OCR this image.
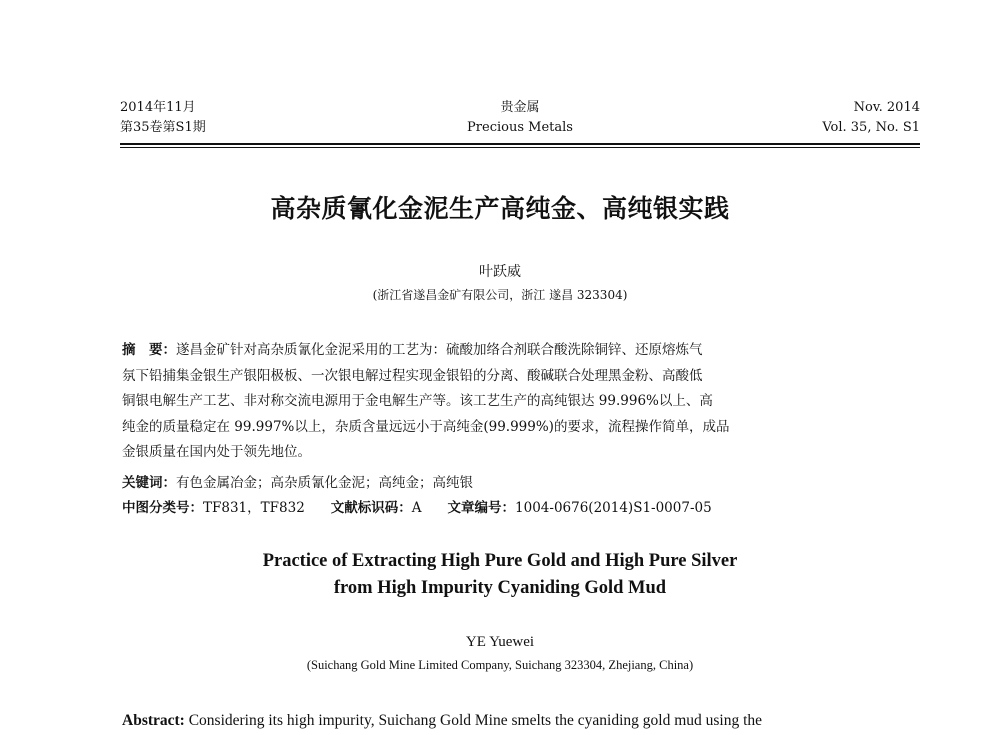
2014年11月
第35卷第S1期
贵金属
Precious Metals
Nov. 2014
Vol. 35, No. S1
高杂质氰化金泥生产高纯金、高纯银实践
叶跃威
(浙江省遂昌金矿有限公司，浙江 遂昌 323304)
摘　要：遂昌金矿针对高杂质氰化金泥采用的工艺为：硫酸加络合剂联合酸洗除铜锌、还原熔炼气
氛下铅捕集金银生产银阳极板、一次银电解过程实现金银铅的分离、酸碱联合处理黑金粉、高酸低
铜银电解生产工艺、非对称交流电源用于金电解生产等。该工艺生产的高纯银达 99.996%以上、高
纯金的质量稳定在 99.997%以上，杂质含量远远小于高纯金(99.999%)的要求，流程操作简单，成品
金银质量在国内处于领先地位。
关键词：有色金属冶金；高杂质氰化金泥；高纯金；高纯银
中图分类号：TF831，TF832 文献标识码：A 文章编号：1004-0676(2014)S1-0007-05
Practice of Extracting High Pure Gold and High Pure Silver
from High Impurity Cyaniding Gold Mud
YE Yuewei
(Suichang Gold Mine Limited Company, Suichang 323304, Zhejiang, China)
Abstract: Considering its high impurity, Suichang Gold Mine smelts the cyaniding gold mud using the
